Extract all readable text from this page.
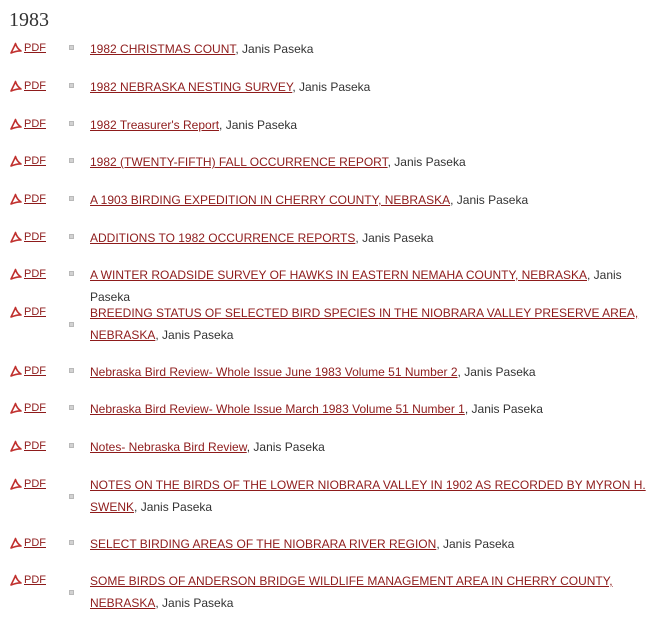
1983
PDF	1982 CHRISTMAS COUNT, Janis Paseka
PDF	1982 NEBRASKA NESTING SURVEY, Janis Paseka
PDF	1982 Treasurer's Report, Janis Paseka
PDF	1982 (TWENTY-FIFTH) FALL OCCURRENCE REPORT, Janis Paseka
PDF	A 1903 BIRDING EXPEDITION IN CHERRY COUNTY, NEBRASKA, Janis Paseka
PDF	ADDITIONS TO 1982 OCCURRENCE REPORTS, Janis Paseka
PDF	A WINTER ROADSIDE SURVEY OF HAWKS IN EASTERN NEMAHA COUNTY, NEBRASKA, Janis Paseka
PDF	BREEDING STATUS OF SELECTED BIRD SPECIES IN THE NIOBRARA VALLEY PRESERVE AREA, NEBRASKA, Janis Paseka
PDF	Nebraska Bird Review- Whole Issue June 1983 Volume 51 Number 2, Janis Paseka
PDF	Nebraska Bird Review- Whole Issue March 1983 Volume 51 Number 1, Janis Paseka
PDF	Notes- Nebraska Bird Review, Janis Paseka
PDF	NOTES ON THE BIRDS OF THE LOWER NIOBRARA VALLEY IN 1902 AS RECORDED BY MYRON H. SWENK, Janis Paseka
PDF	SELECT BIRDING AREAS OF THE NIOBRARA RIVER REGION, Janis Paseka
PDF	SOME BIRDS OF ANDERSON BRIDGE WILDLIFE MANAGEMENT AREA IN CHERRY COUNTY, NEBRASKA, Janis Paseka
